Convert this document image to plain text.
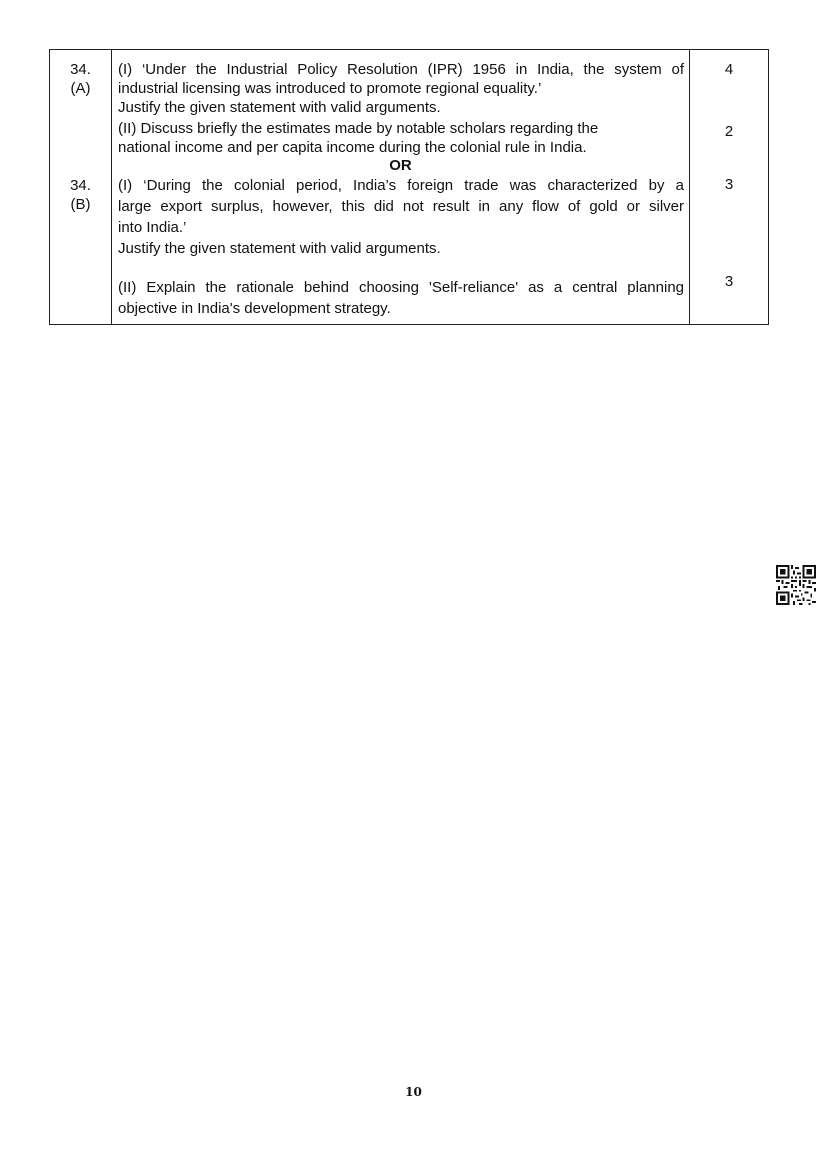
34.
(A)
(I) ‘Under the Industrial Policy Resolution (IPR) 1956 in India, the system of
industrial licensing was introduced to promote regional equality.’
Justify the given statement with valid arguments.
4
(II) Discuss briefly the estimates made by notable scholars regarding the
national income and per capita income during the colonial rule in India.
2
OR
34.
(B)
(I) ‘During the colonial period, India’s foreign trade was characterized by a
large export surplus, however, this did not result in any flow of gold or silver
into India.’
Justify the given statement with valid arguments.
3
(II) Explain the rationale behind choosing 'Self-reliance' as a central planning
objective in India's development strategy.
3
10
